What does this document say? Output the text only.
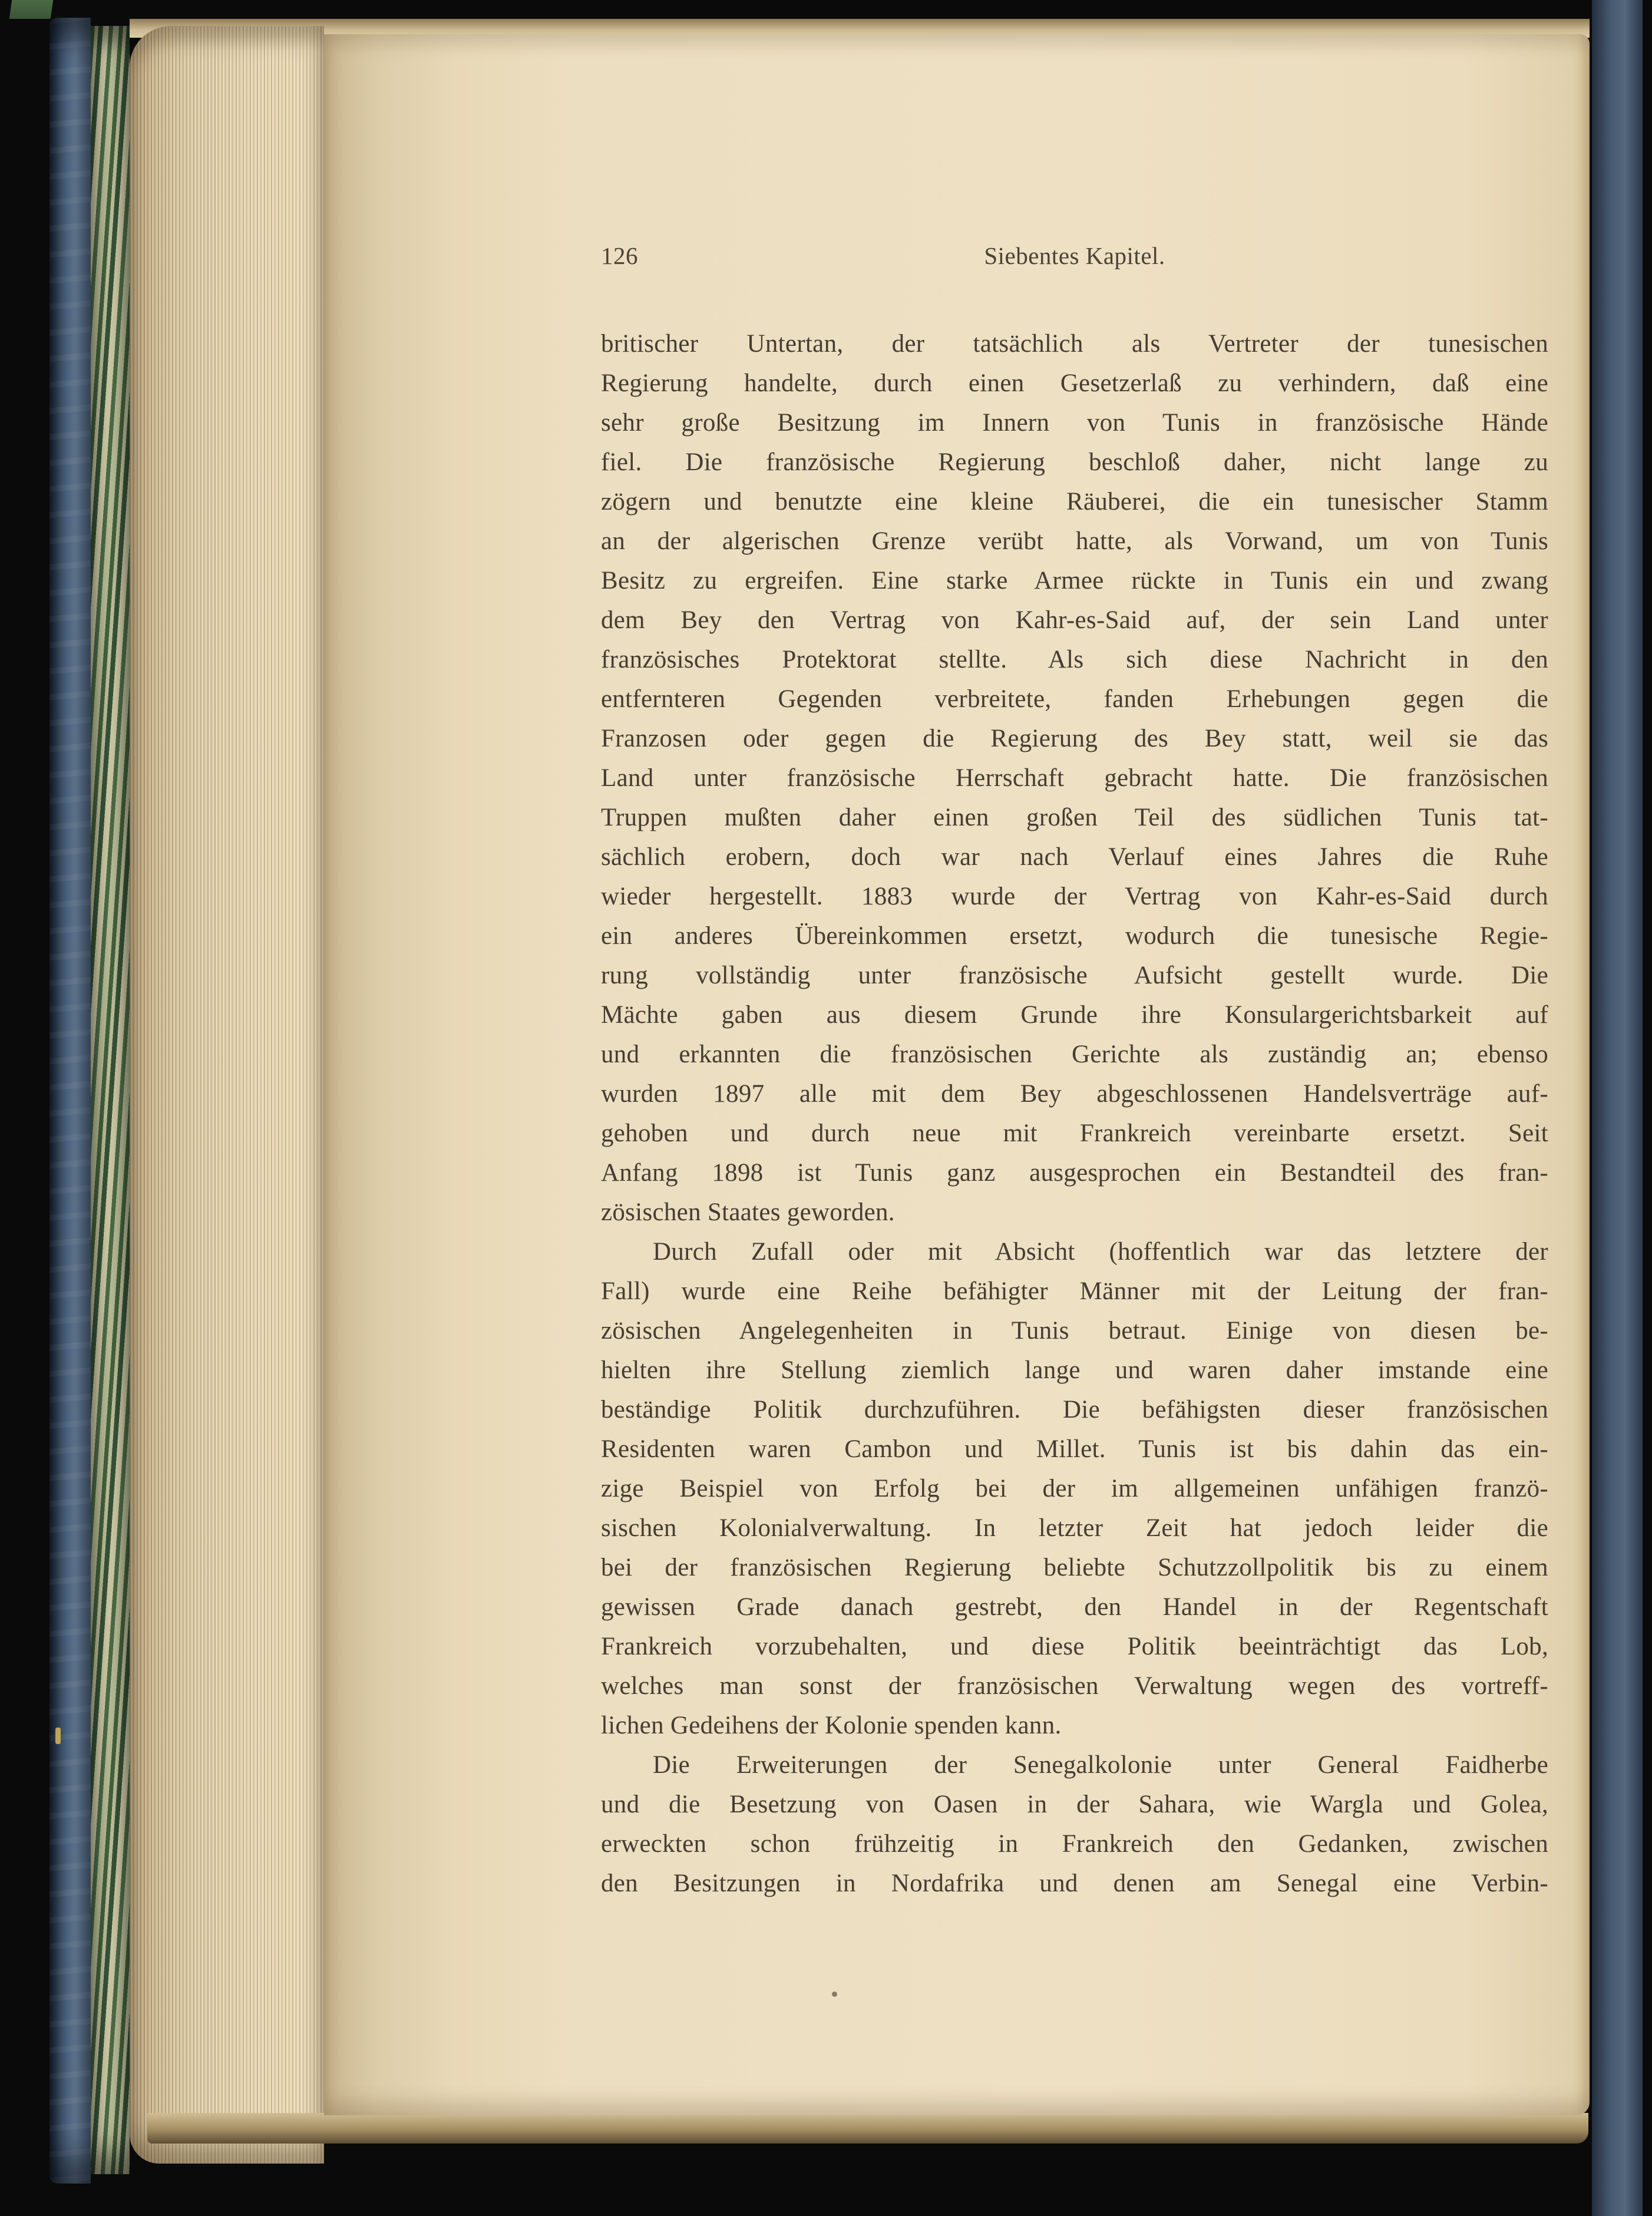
126	Siebentes Kapitel.
britischer Untertan, der tatsächlich als Vertreter der tunesischen
Regierung handelte, durch einen Gesetzerlaß zu verhindern, daß eine
sehr große Besitzung im Innern von Tunis in französische Hände
fiel. Die französische Regierung beschloß daher, nicht lange zu
zögern und benutzte eine kleine Räuberei, die ein tunesischer Stamm
an der algerischen Grenze verübt hatte, als Vorwand, um von Tunis
Besitz zu ergreifen. Eine starke Armee rückte in Tunis ein und zwang
dem Bey den Vertrag von Kahr-es-Said auf, der sein Land unter
französisches Protektorat stellte. Als sich diese Nachricht in den
entfernteren Gegenden verbreitete, fanden Erhebungen gegen die
Franzosen oder gegen die Regierung des Bey statt, weil sie das
Land unter französische Herrschaft gebracht hatte. Die französischen
Truppen mußten daher einen großen Teil des südlichen Tunis tat-
sächlich erobern, doch war nach Verlauf eines Jahres die Ruhe
wieder hergestellt. 1883 wurde der Vertrag von Kahr-es-Said durch
ein anderes Übereinkommen ersetzt, wodurch die tunesische Regie-
rung vollständig unter französische Aufsicht gestellt wurde. Die
Mächte gaben aus diesem Grunde ihre Konsulargerichtsbarkeit auf
und erkannten die französischen Gerichte als zuständig an; ebenso
wurden 1897 alle mit dem Bey abgeschlossenen Handelsverträge auf-
gehoben und durch neue mit Frankreich vereinbarte ersetzt. Seit
Anfang 1898 ist Tunis ganz ausgesprochen ein Bestandteil des fran-
zösischen Staates geworden.
Durch Zufall oder mit Absicht (hoffentlich war das letztere der
Fall) wurde eine Reihe befähigter Männer mit der Leitung der fran-
zösischen Angelegenheiten in Tunis betraut. Einige von diesen be-
hielten ihre Stellung ziemlich lange und waren daher imstande eine
beständige Politik durchzuführen. Die befähigsten dieser französischen
Residenten waren Cambon und Millet. Tunis ist bis dahin das ein-
zige Beispiel von Erfolg bei der im allgemeinen unfähigen franzö-
sischen Kolonialverwaltung. In letzter Zeit hat jedoch leider die
bei der französischen Regierung beliebte Schutzzollpolitik bis zu einem
gewissen Grade danach gestrebt, den Handel in der Regentschaft
Frankreich vorzubehalten, und diese Politik beeinträchtigt das Lob,
welches man sonst der französischen Verwaltung wegen des vortreff-
lichen Gedeihens der Kolonie spenden kann.
Die Erweiterungen der Senegalkolonie unter General Faidherbe
und die Besetzung von Oasen in der Sahara, wie Wargla und Golea,
erweckten schon frühzeitig in Frankreich den Gedanken, zwischen
den Besitzungen in Nordafrika und denen am Senegal eine Verbin-
